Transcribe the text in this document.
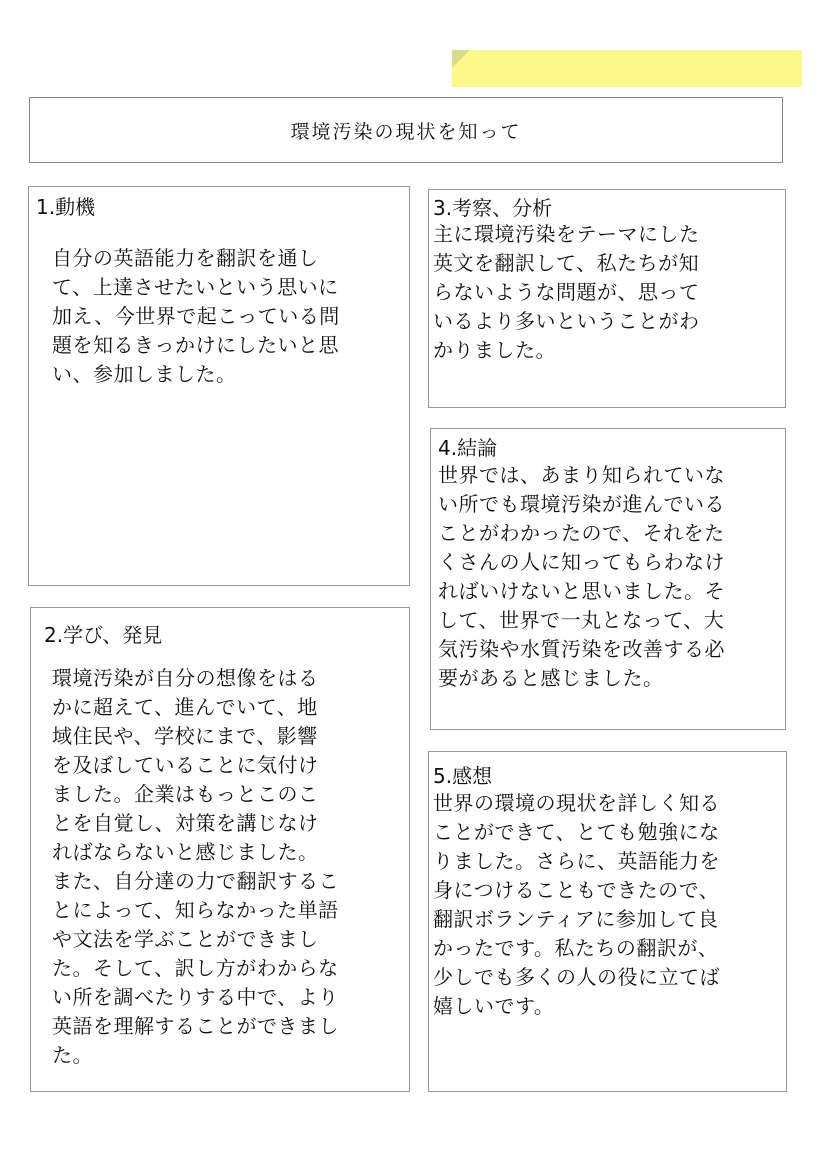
環境汚染の現状を知って
1.動機
自分の英語能力を翻訳を通し
て、上達させたいという思いに
加え、今世界で起こっている問
題を知るきっかけにしたいと思
い、参加しました。
2.学び、発見
環境汚染が自分の想像をはる
かに超えて、進んでいて、地
域住民や、学校にまで、影響
を及ぼしていることに気付け
ました。企業はもっとこのこ
とを自覚し、対策を講じなけ
ればならないと感じました。
また、自分達の力で翻訳するこ
とによって、知らなかった単語
や文法を学ぶことができまし
た。そして、訳し方がわからな
い所を調べたりする中で、より
英語を理解することができまし
た。
3.考察、分析
主に環境汚染をテーマにした
英文を翻訳して、私たちが知
らないような問題が、思って
いるより多いということがわ
かりました。
4.結論
世界では、あまり知られていな
い所でも環境汚染が進んでいる
ことがわかったので、それをた
くさんの人に知ってもらわなけ
ればいけないと思いました。そ
して、世界で一丸となって、大
気汚染や水質汚染を改善する必
要があると感じました。
5.感想
世界の環境の現状を詳しく知る
ことができて、とても勉強にな
りました。さらに、英語能力を
身につけることもできたので、
翻訳ボランティアに参加して良
かったです。私たちの翻訳が、
少しでも多くの人の役に立てば
嬉しいです。
